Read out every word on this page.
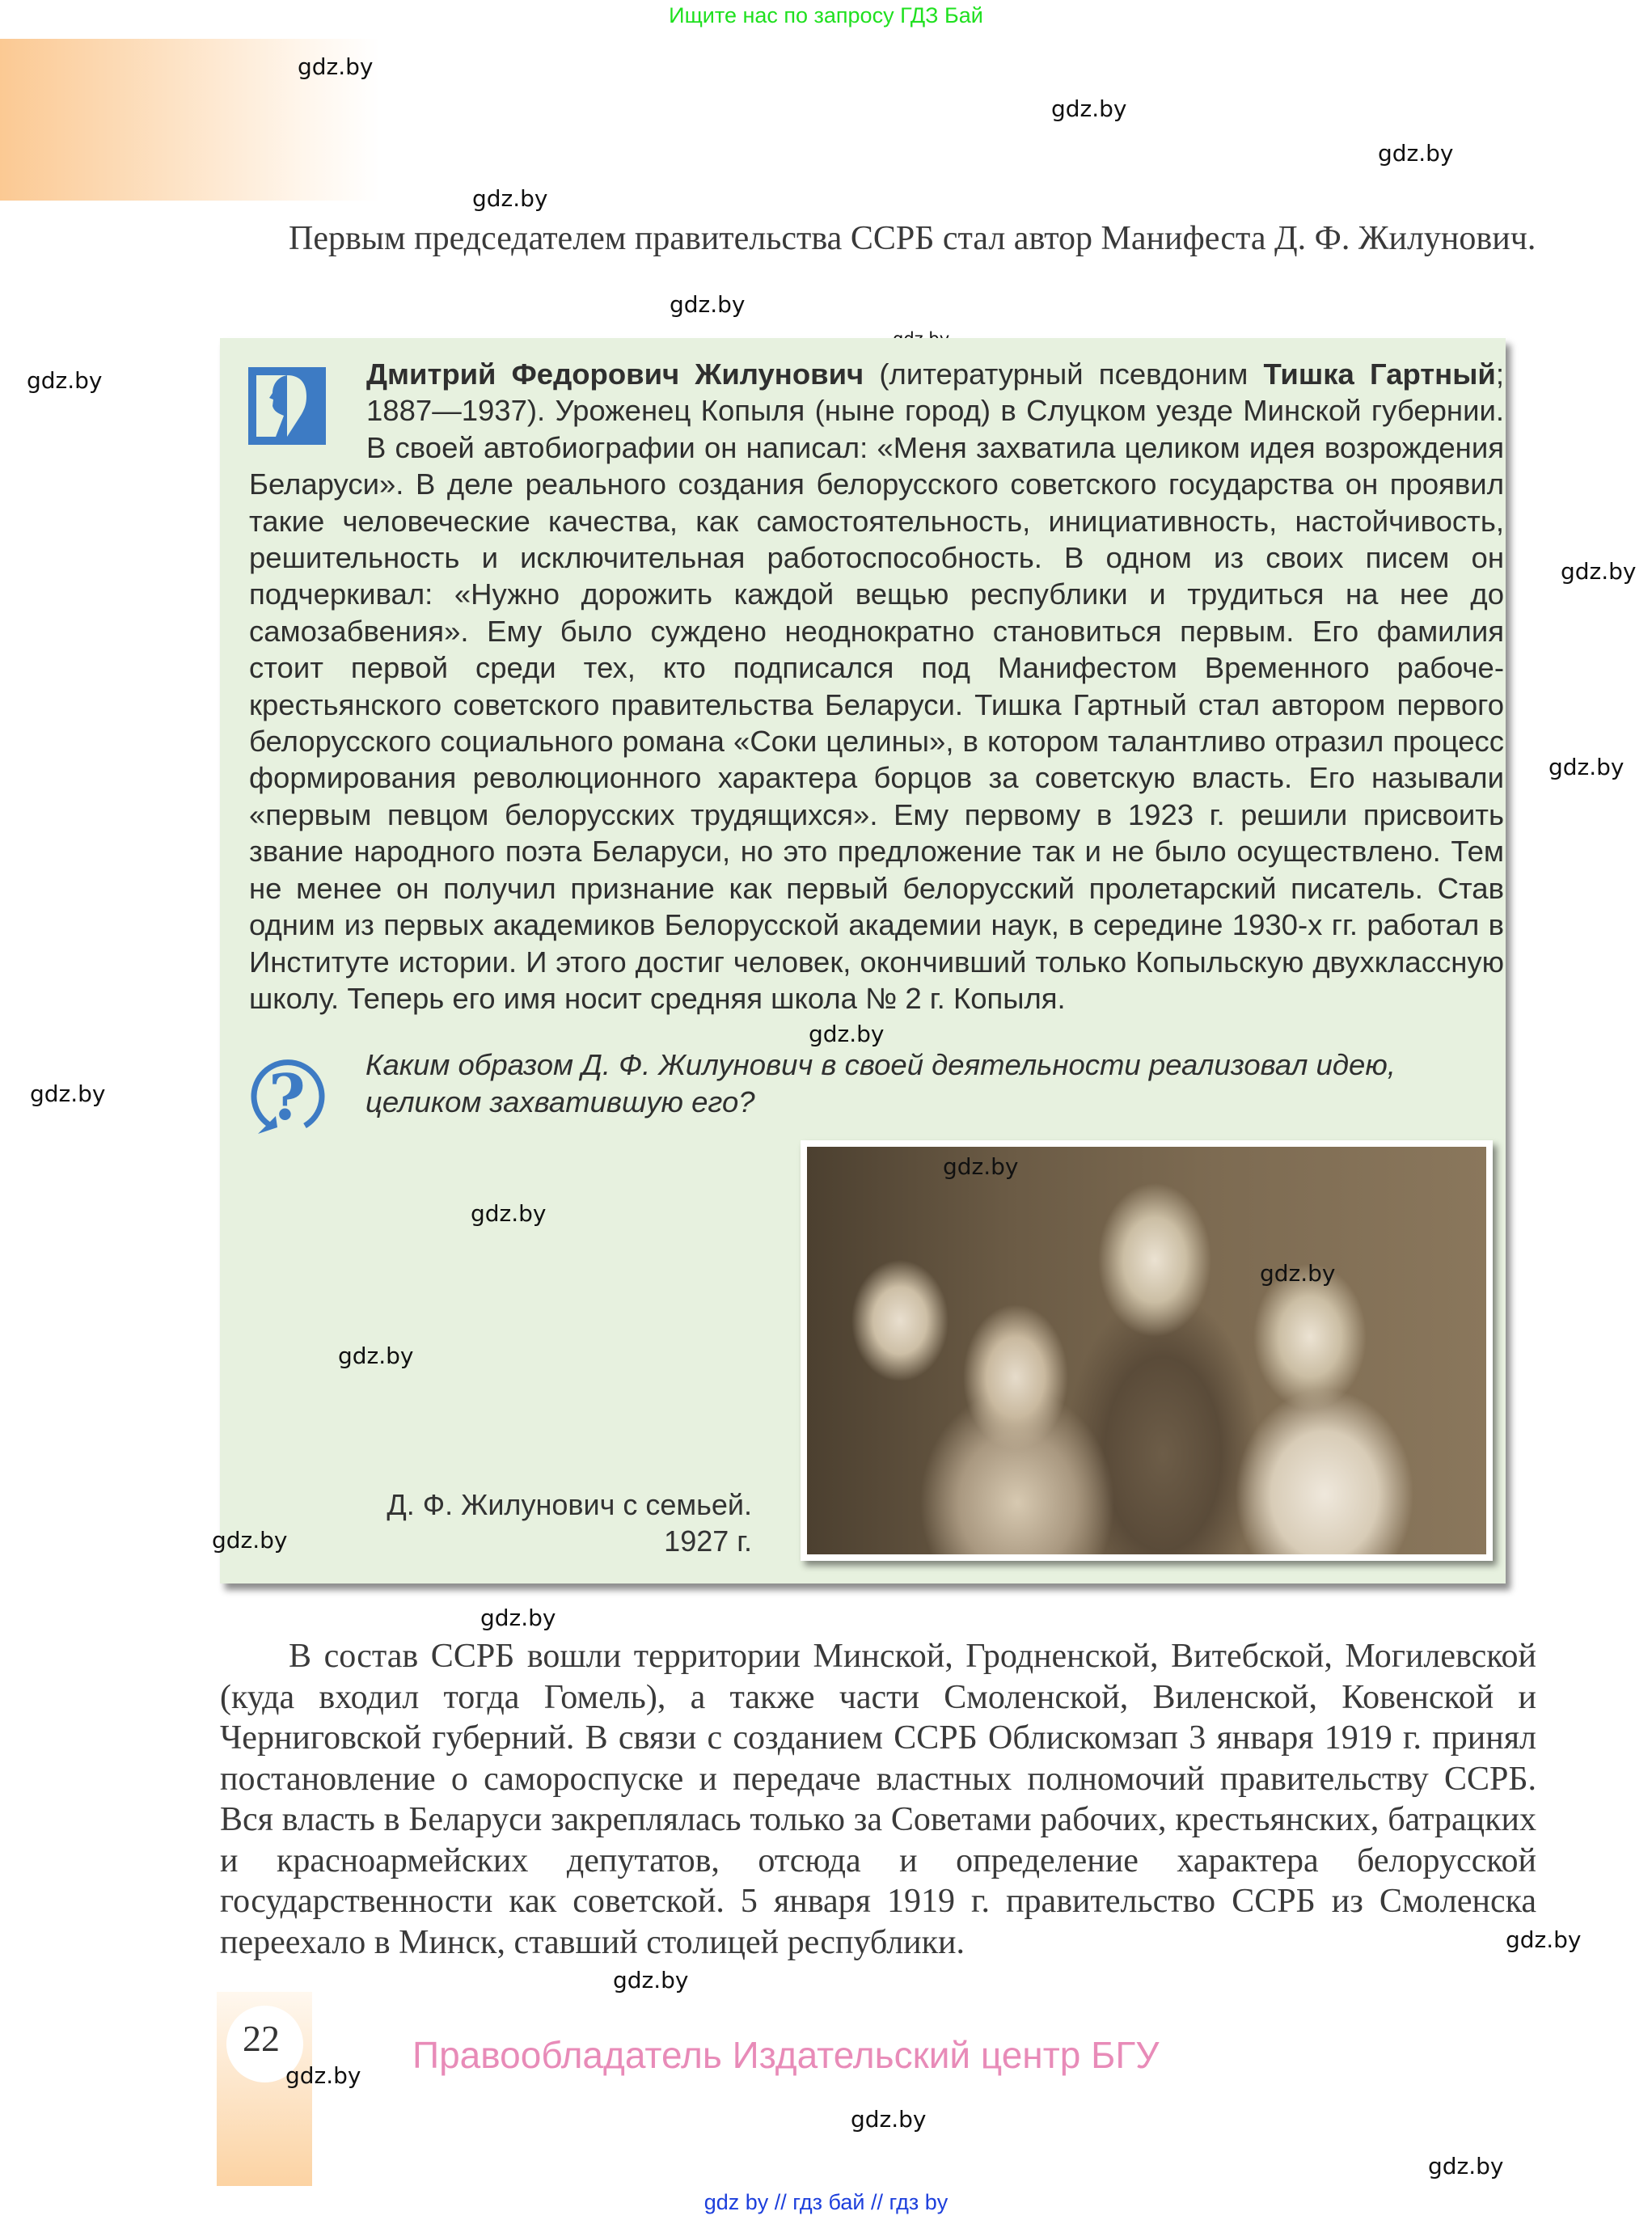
Ищите нас по запросу ГДЗ Бай
gdz.by
gdz.by
gdz.by
gdz.by
gdz.by
gdz.by
gdz.by
gdz.by
gdz.by

Первым председателем правительства ССРБ стал автор Манифеста Д. Ф. Жилунович.

Дмитрий Федорович Жилунович (литературный псевдоним Тишка Гартный; 1887—1937). Уроженец Копыля (ныне город) в Слуцком уезде Минской губернии. В своей автобиографии он написал: «Меня захватила целиком идея возрождения Беларуси». В деле реального создания белорусского советского государства он проявил такие человеческие качества, как самостоятельность, инициативность, настойчивость, решительность и исключительная работоспособность. В одном из своих писем он подчеркивал: «Нужно дорожить каждой вещью республики и трудиться на нее до самозабвения». Ему было суждено неоднократно становиться первым. Его фамилия стоит первой среди тех, кто подписался под Манифестом Временного рабоче-крестьянского советского правительства Беларуси. Тишка Гартный стал автором первого белорусского социального романа «Соки целины», в котором талантливо отразил процесс формирования революционного характера борцов за советскую власть. Его называли «первым певцом белорусских трудящихся». Ему первому в 1923 г. решили присвоить звание народного поэта Беларуси, но это предложение так и не было осуществлено. Тем не менее он получил признание как первый белорусский пролетарский писатель. Став одним из первых академиков Белорусской академии наук, в середине 1930-х гг. работал в Институте истории. И этого достиг человек, окончивший только Копыльскую двухклассную школу. Теперь его имя носит средняя школа № 2 г. Копыля.
gdz.by
? Каким образом Д. Ф. Жилунович в своей деятельности реализовал идею, целиком захватившую его?
gdz.by
gdz.by
Д. Ф. Жилунович с семьей.
1927 г.
gdz.by
gdz.by
gdz.by
gdz.by

В состав ССРБ вошли территории Минской, Гродненской, Витебской, Могилевской (куда входил тогда Гомель), а также части Смоленской, Виленской, Ковенской и Черниговской губерний. В связи с созданием ССРБ Облискомзап 3 января 1919 г. принял постановление о самороспуске и передаче властных полномочий правительству ССРБ. Вся власть в Беларуси закреплялась только за Советами рабочих, крестьянских, батрацких и красноармейских депутатов, отсюда и определение характера белорусской государственности как советской. 5 января 1919 г. правительство ССРБ из Смоленска переехало в Минск, ставший столицей республики.	gdz.by
gdz.by
22
gdz.by Правообладатель Издательский центр БГУ
gdz.by
gdz.by
gdz by // гдз бай // гдз by
